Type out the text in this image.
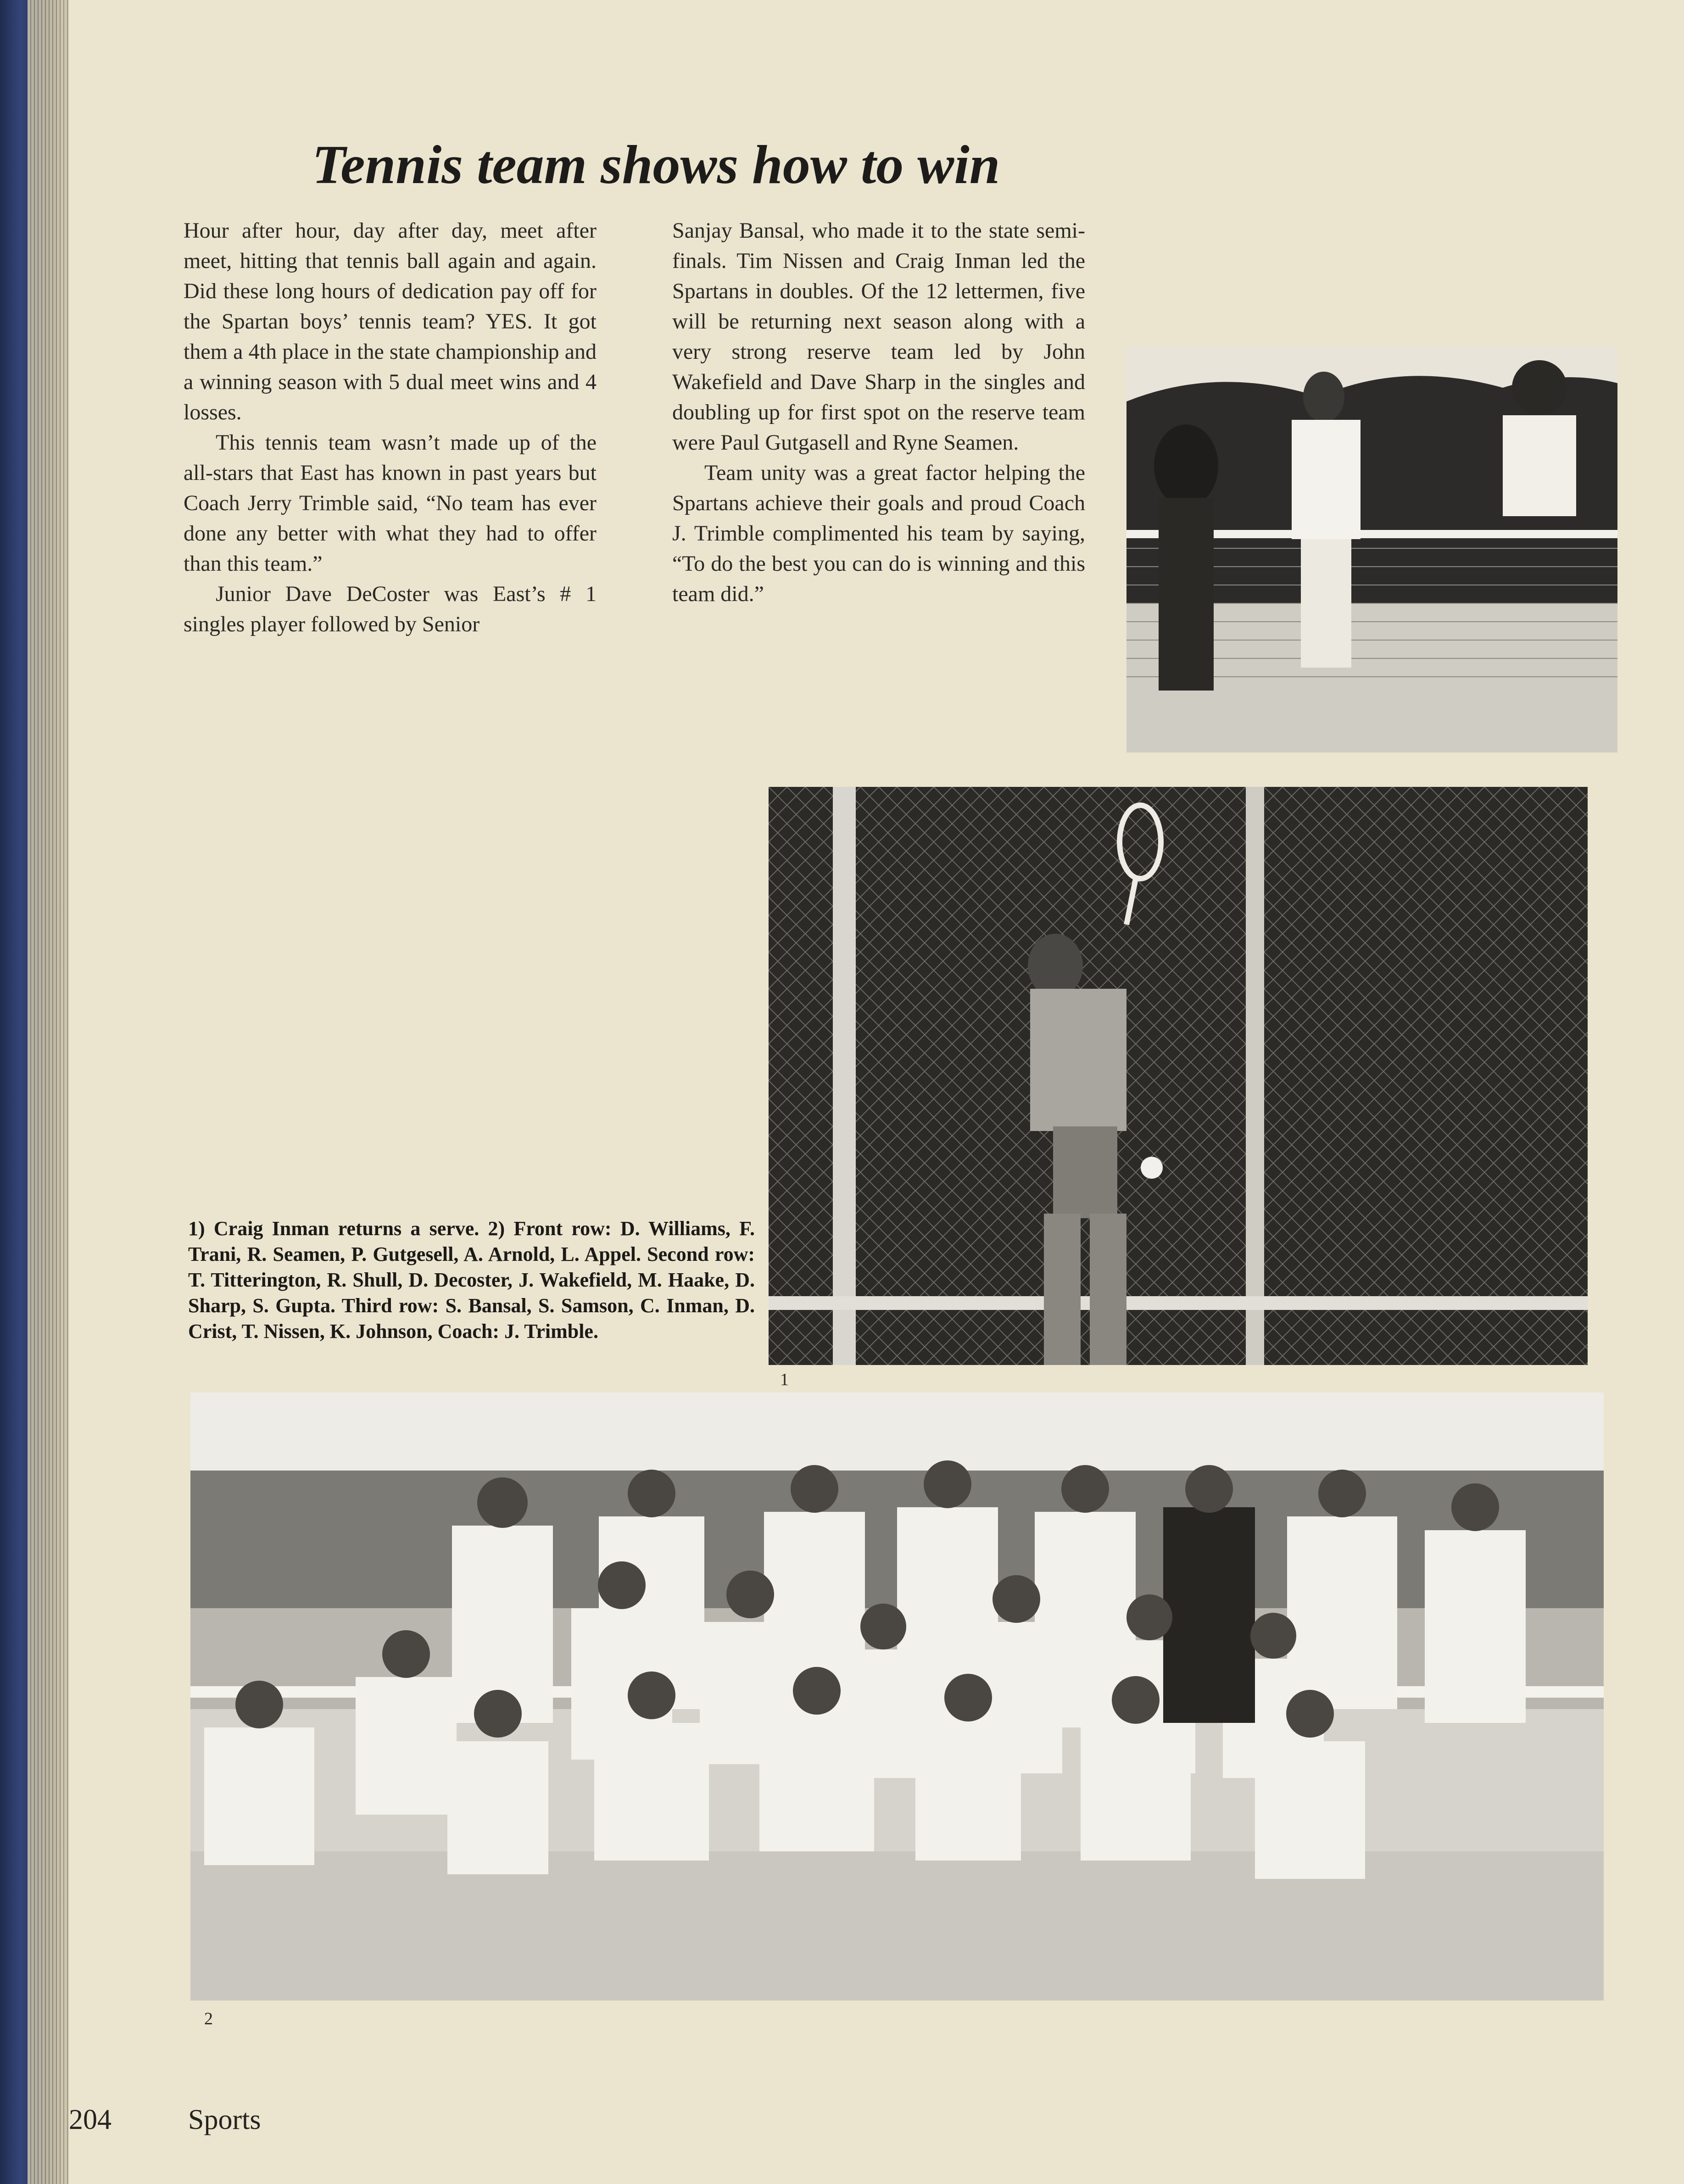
Tennis team shows how to win

Hour after hour, day after day, meet after meet, hitting that tennis ball again and again. Did these long hours of dedication pay off for the Spartan boys’ tennis team? YES. It got them a 4th place in the state championship and a winning season with 5 dual meet wins and 4 losses.

This tennis team wasn’t made up of the all-stars that East has known in past years but Coach Jerry Trimble said, “No team has ever done any better with what they had to offer than this team.”

Junior Dave DeCoster was East’s # 1 singles player followed by Senior

Sanjay Bansal, who made it to the state semi-finals. Tim Nissen and Craig Inman led the Spartans in doubles. Of the 12 lettermen, five will be returning next season along with a very strong reserve team led by John Wakefield and Dave Sharp in the singles and doubling up for first spot on the reserve team were Paul Gutgasell and Ryne Seamen.

Team unity was a great factor helping the Spartans achieve their goals and proud Coach J. Trimble complimented his team by saying, “To do the best you can do is winning and this team did.”

1) Craig Inman returns a serve. 2) Front row: D. Williams, F. Trani, R. Seamen, P. Gutgesell, A. Arnold, L. Appel. Second row: T. Titterington, R. Shull, D. Decoster, J. Wakefield, M. Haake, D. Sharp, S. Gupta. Third row: S. Bansal, S. Samson, C. Inman, D. Crist, T. Nissen, K. Johnson, Coach: J. Trimble.
1
2
204	Sports
